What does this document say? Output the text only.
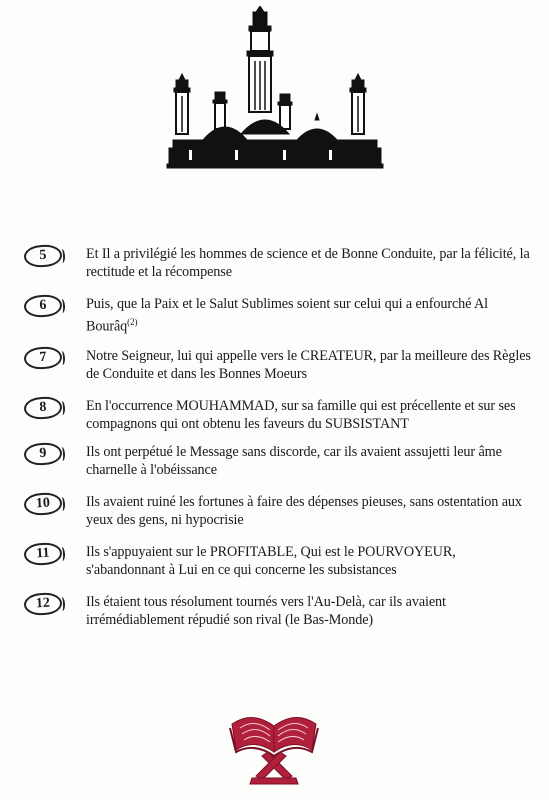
5	Et Il a privilégié les hommes de science et de Bonne Conduite, par la félicité, la rectitude et la récompense
6	Puis, que la Paix et le Salut Sublimes soient sur celui qui a enfourché Al Bourâq$^{(2)}$
7	Notre Seigneur, lui qui appelle vers le CREATEUR, par la meilleure des Règles de Conduite et dans les Bonnes Moeurs
8	En l'occurrence MOUHAMMAD, sur sa famille qui est précellente et sur ses compagnons qui ont obtenu les faveurs du SUBSISTANT
9	Ils ont perpétué le Message sans discorde, car ils avaient assujetti leur âme charnelle à l'obéissance
10	Ils avaient ruiné les fortunes à faire des dépenses pieuses, sans ostentation aux yeux des gens, ni hypocrisie
11	Ils s'appuyaient sur le PROFITABLE, Qui est le POURVOYEUR, s'abandonnant à Lui en ce qui concerne les subsistances
12	Ils étaient tous résolument tournés vers l'Au-Delà, car ils avaient irrémédiablement répudié son rival (le Bas-Monde)
